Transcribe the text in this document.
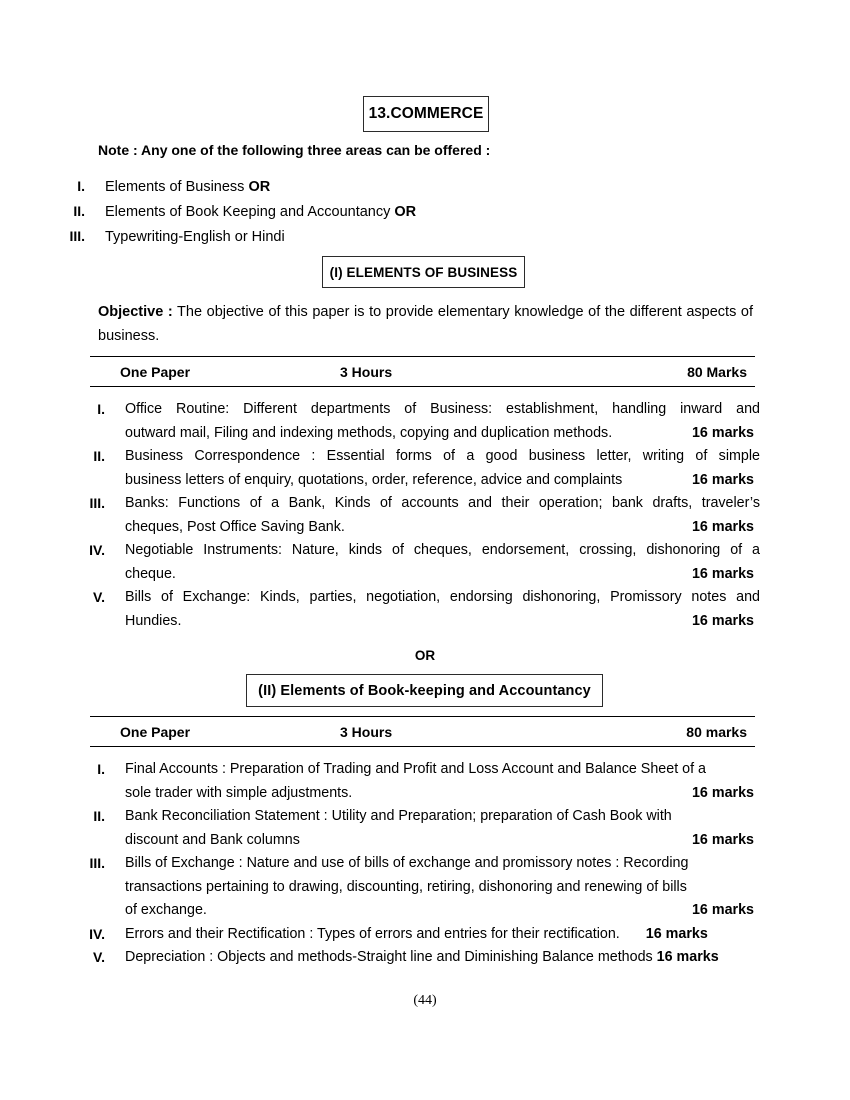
13.COMMERCE
Note : Any one of the following three areas can be offered :
I.	Elements of Business OR
II.	Elements of Book Keeping and Accountancy OR
III.	Typewriting-English or Hindi
(I) ELEMENTS OF BUSINESS
Objective : The objective of this paper is to provide elementary knowledge of the different aspects of business.
One Paper	3 Hours	80 Marks
I.	Office Routine: Different departments of Business: establishment, handling inward and
outward mail, Filing and indexing methods, copying and duplication methods.	16 marks
II.	Business Correspondence : Essential forms of a good business letter, writing of simple
business letters of enquiry, quotations, order, reference, advice and complaints	16 marks
III.	Banks: Functions of a Bank, Kinds of accounts and their operation; bank drafts, traveler’s
cheques, Post Office Saving Bank.	16 marks
IV.	Negotiable Instruments: Nature, kinds of cheques, endorsement, crossing, dishonoring of a
cheque.	16 marks
V.	Bills of Exchange: Kinds, parties, negotiation, endorsing dishonoring, Promissory notes and
Hundies.	16 marks
OR
(II) Elements of Book-keeping and Accountancy
One Paper	3 Hours	80 marks
I.	Final Accounts : Preparation of Trading and Profit and Loss Account and Balance Sheet of a
sole trader with simple adjustments.	16 marks
II.	Bank Reconciliation Statement : Utility and Preparation; preparation of Cash Book with
discount and Bank columns	16 marks
III.	Bills of Exchange : Nature and use of bills of exchange and promissory notes : Recording
transactions pertaining to drawing, discounting, retiring, dishonoring and renewing of bills
of exchange.	16 marks
IV.	Errors and their Rectification : Types of errors and entries for their rectification. 16 marks
V.	Depreciation : Objects and methods-Straight line and Diminishing Balance methods 16 marks
(44)
